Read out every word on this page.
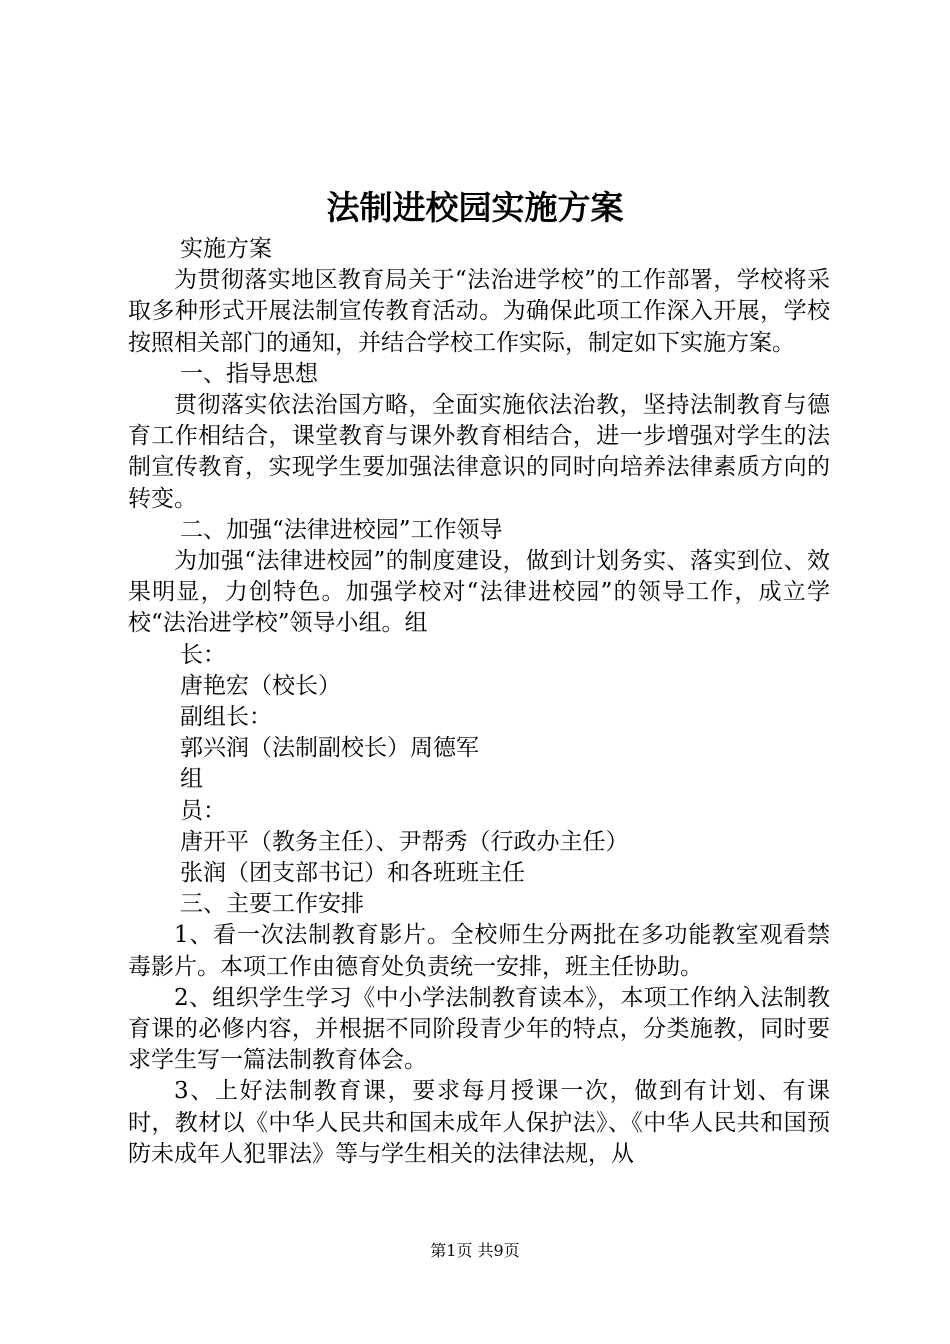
法制进校园实施方案

实施方案

为贯彻落实地区教育局关于“法治进学校”的工作部署，学校将采取多种形式开展法制宣传教育活动。为确保此项工作深入开展，学校按照相关部门的通知，并结合学校工作实际，制定如下实施方案。

一、指导思想

贯彻落实依法治国方略，全面实施依法治教，坚持法制教育与德育工作相结合，课堂教育与课外教育相结合，进一步增强对学生的法制宣传教育，实现学生要加强法律意识的同时向培养法律素质方向的转变。

二、加强“法律进校园”工作领导

为加强“法律进校园”的制度建设，做到计划务实、落实到位、效果明显，力创特色。加强学校对“法律进校园”的领导工作，成立学校“法治进学校”领导小组。组

长：

唐艳宏（校长）

副组长：

郭兴润（法制副校长）周德军

组

员：

唐开平（教务主任）、尹帮秀（行政办主任）

张润（团支部书记）和各班班主任

三、主要工作安排

1、看一次法制教育影片。全校师生分两批在多功能教室观看禁毒影片。本项工作由德育处负责统一安排，班主任协助。

2、组织学生学习《中小学法制教育读本》，本项工作纳入法制教育课的必修内容，并根据不同阶段青少年的特点，分类施教，同时要求学生写一篇法制教育体会。

3、上好法制教育课，要求每月授课一次，做到有计划、有课时，教材以《中华人民共和国未成年人保护法》、《中华人民共和国预防未成年人犯罪法》等与学生相关的法律法规，从

第1页 共9页
